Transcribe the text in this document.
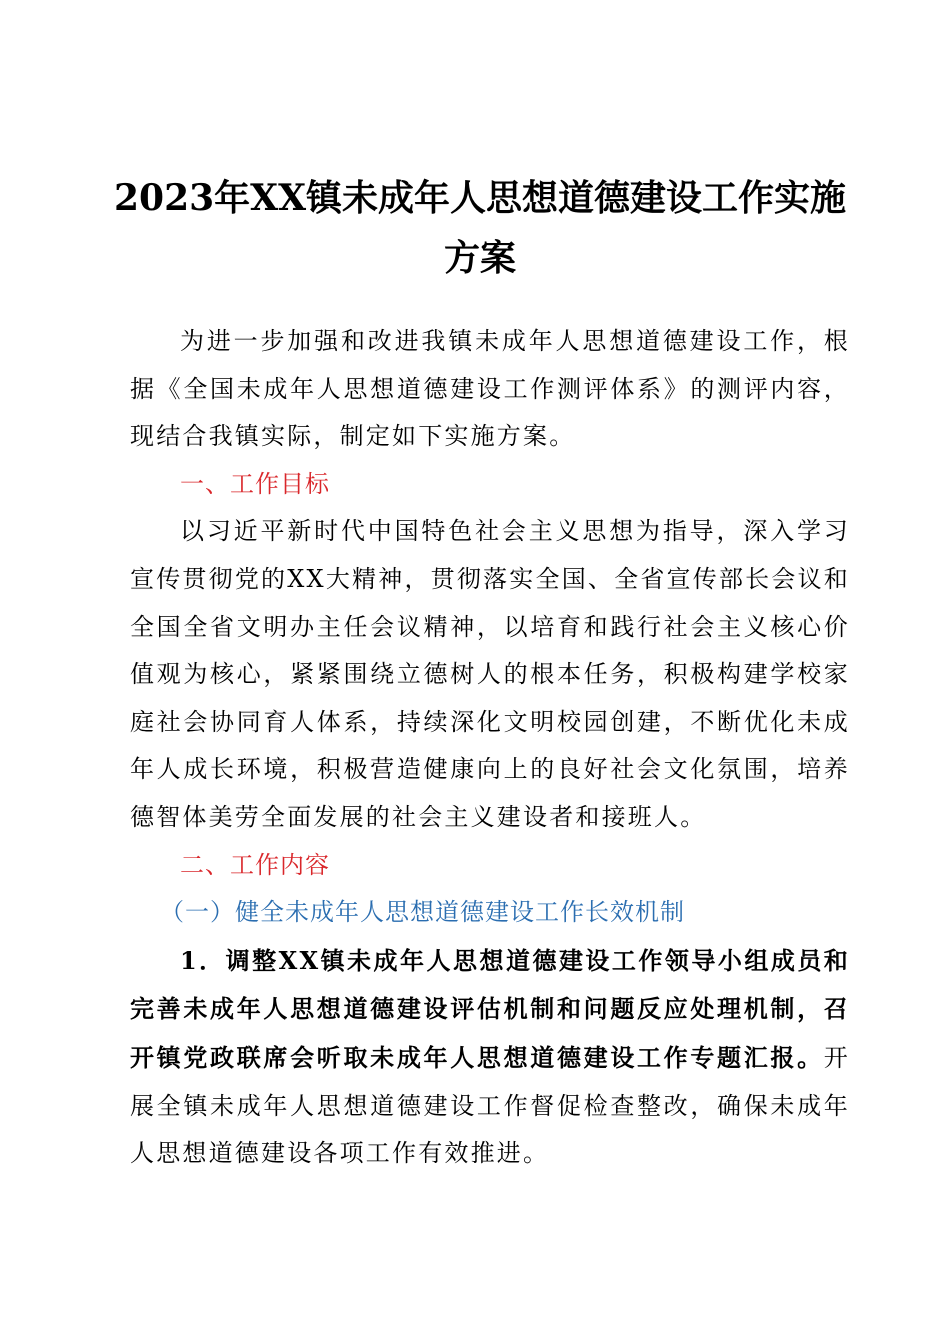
2023年XX镇未成年人思想道德建设工作实施方案

为进一步加强和改进我镇未成年人思想道德建设工作，根据《全国未成年人思想道德建设工作测评体系》的测评内容，现结合我镇实际，制定如下实施方案。

一、工作目标

以习近平新时代中国特色社会主义思想为指导，深入学习宣传贯彻党的XX大精神，贯彻落实全国、全省宣传部长会议和全国全省文明办主任会议精神，以培育和践行社会主义核心价值观为核心，紧紧围绕立德树人的根本任务，积极构建学校家庭社会协同育人体系，持续深化文明校园创建，不断优化未成年人成长环境，积极营造健康向上的良好社会文化氛围，培养德智体美劳全面发展的社会主义建设者和接班人。

二、工作内容

（一）健全未成年人思想道德建设工作长效机制

1．调整XX镇未成年人思想道德建设工作领导小组成员和完善未成年人思想道德建设评估机制和问题反应处理机制，召开镇党政联席会听取未成年人思想道德建设工作专题汇报。开展全镇未成年人思想道德建设工作督促检查整改，确保未成年人思想道德建设各项工作有效推进。
